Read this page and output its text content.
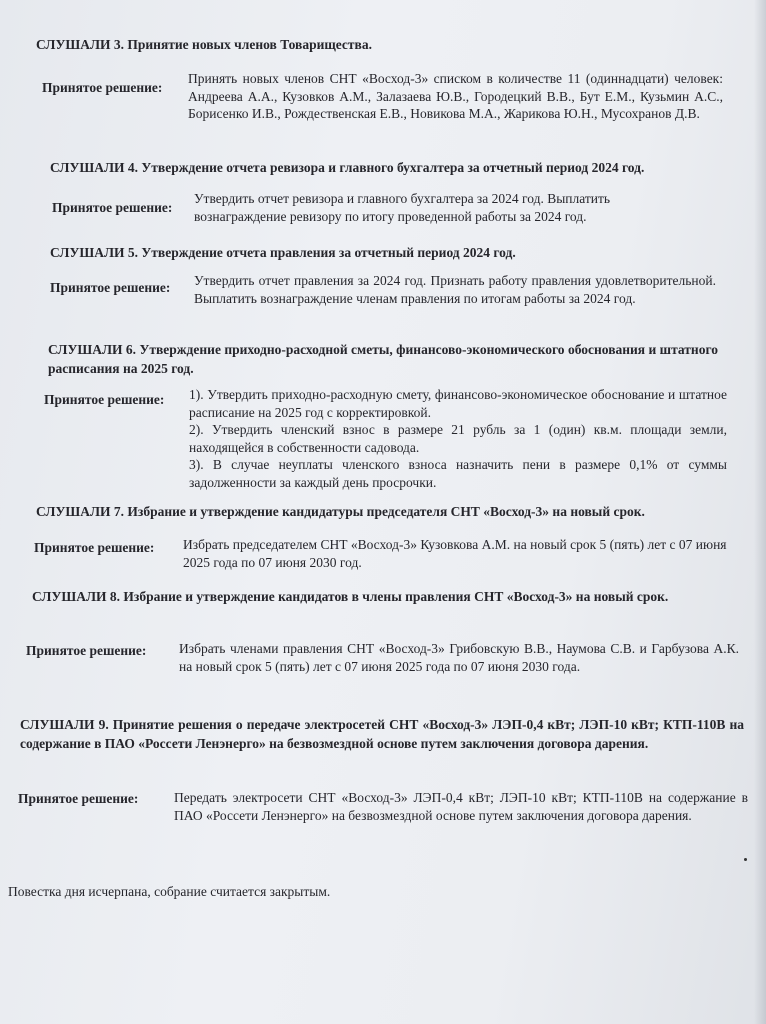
СЛУШАЛИ 3. Принятие новых членов Товарищества.
Принятое решение:

Принять новых членов СНТ «Восход-3» списком в количестве 11 (одиннадцати) человек: Андреева А.А., Кузовков А.М., Залазаева Ю.В., Городецкий В.В., Бут Е.М., Кузьмин А.С., Борисенко И.В., Рождественская Е.В., Новикова М.А., Жарикова Ю.Н., Мусохранов Д.В.

СЛУШАЛИ 4. Утверждение отчета ревизора и главного бухгалтера за отчетный период 2024 год.
Принятое решение:

Утвердить отчет ревизора и главного бухгалтера за 2024 год. Выплатить вознаграждение ревизору по итогу проведенной работы за 2024 год.

СЛУШАЛИ 5. Утверждение отчета правления за отчетный период 2024 год.
Принятое решение: Утвердить отчет правления за 2024 год. Признать работу правления удовлетворительной. Выплатить вознаграждение членам правления по итогам работы за 2024 год.

СЛУШАЛИ 6. Утверждение приходно-расходной сметы, финансово-экономического обоснования и штатного расписания на 2025 год.
Принятое решение: 1). Утвердить приходно-расходную смету, финансово-экономическое обоснование и штатное расписание на 2025 год с корректировкой.

2). Утвердить членский взнос в размере 21 рубль за 1 (один) кв.м. площади земли, находящейся в собственности садовода.

3). В случае неуплаты членского взноса назначить пени в размере 0,1% от суммы задолженности за каждый день просрочки.

СЛУШАЛИ 7. Избрание и утверждение кандидатуры председателя СНТ «Восход-3» на новый срок.
Принятое решение: Избрать председателем СНТ «Восход-3» Кузовкова А.М. на новый срок 5 (пять) лет с 07 июня 2025 года по 07 июня 2030 год.

СЛУШАЛИ 8. Избрание и утверждение кандидатов в члены правления СНТ «Восход-3» на новый срок.
Принятое решение: Избрать членами правления СНТ «Восход-3» Грибовскую В.В., Наумова С.В. и Гарбузова А.К. на новый срок 5 (пять) лет с 07 июня 2025 года по 07 июня 2030 года.

СЛУШАЛИ 9. Принятие решения о передаче электросетей СНТ «Восход-3» ЛЭП-0,4 кВт; ЛЭП-10 кВт; КТП-110В на содержание в ПАО «Россети Ленэнерго» на безвозмездной основе путем заключения договора дарения.
Принятое решение:	Передать электросети СНТ «Восход-3» ЛЭП-0,4 кВт; ЛЭП-10 кВт; КТП-110В на содержание в ПАО «Россети Ленэнерго» на безвозмездной основе путем заключения договора дарения.

Повестка дня исчерпана, собрание считается закрытым.
